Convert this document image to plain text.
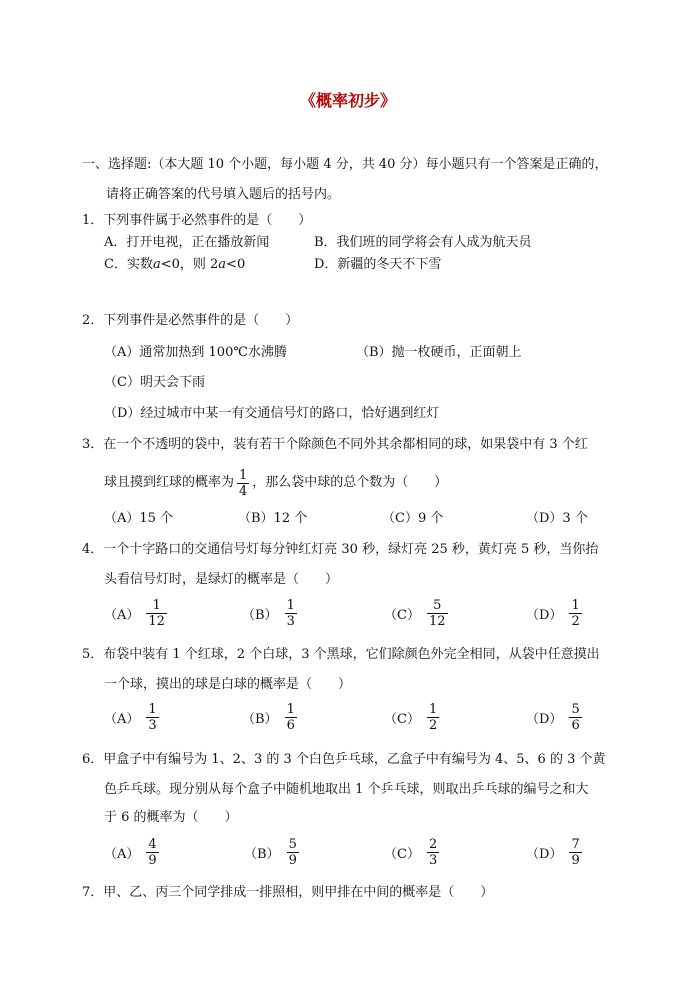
《概率初步》
一、选择题:（本大题 10 个小题，每小题 4 分，共 40 分）每小题只有一个答案是正确的，
请将正确答案的代号填入题后的括号内。
1．下列事件属于必然事件的是（　　）
A．打开电视，正在播放新闻	B．我们班的同学将会有人成为航天员
C．实数a<0，则 2a<0	D．新疆的冬天不下雪
2．下列事件是必然事件的是（　　）
（A）通常加热到 100℃水沸腾	（B）抛一枚硬币，正面朝上
（C）明天会下雨
（D）经过城市中某一有交通信号灯的路口，恰好遇到红灯
3．在一个不透明的袋中，装有若干个除颜色不同外其余都相同的球，如果袋中有 3 个红
球且摸到红球的概率为 $\frac{1}{4}$ ，那么袋中球的总个数为（　　）
（A）15 个	（B）12 个	（C）9 个	（D）3 个
4．一个十字路口的交通信号灯每分钟红灯亮 30 秒，绿灯亮 25 秒，黄灯亮 5 秒，当你抬
头看信号灯时，是绿灯的概率是（　　）
$(A) \frac{1}{12}$	$(B) \frac{1}{3}$	$(C) \frac{5}{12}$	$(D) \frac{1}{2}$
5．布袋中装有 1 个红球，2 个白球，3 个黑球，它们除颜色外完全相同，从袋中任意摸出
一个球，摸出的球是白球的概率是（　　）
$(A) \frac{1}{3}$	$(B) \frac{1}{6}$	$(C) \frac{1}{2}$	$(D) \frac{5}{6}$
6．甲盒子中有编号为 1、2、3 的 3 个白色乒乓球，乙盒子中有编号为 4、5、6 的 3 个黄
色乒乓球。现分别从每个盒子中随机地取出 1 个乒乓球，则取出乒乓球的编号之和大
于 6 的概率为（　　）
$(A) \frac{4}{9}$	$(B) \frac{5}{9}$	$(C) \frac{2}{3}$	$(D) \frac{7}{9}$
7．甲、乙、丙三个同学排成一排照相，则甲排在中间的概率是（　　）
